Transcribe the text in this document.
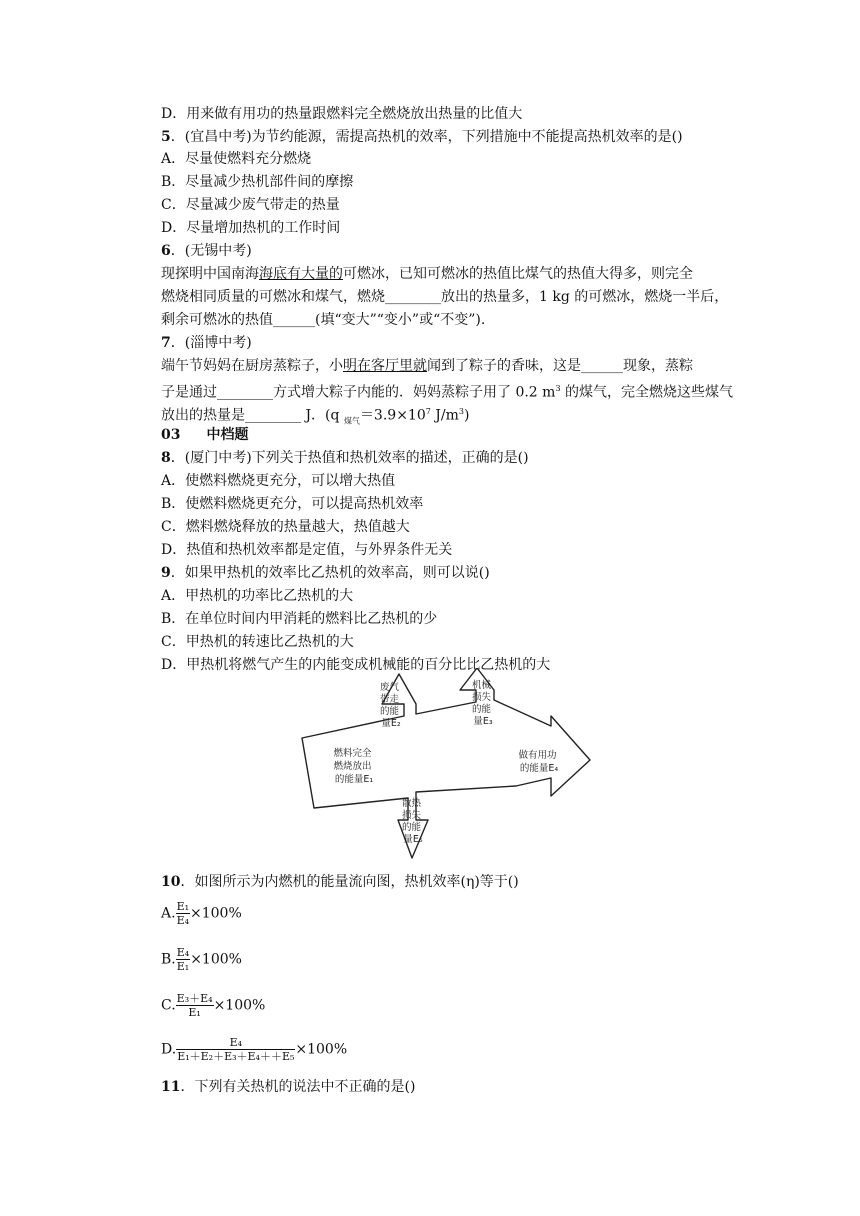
D．用来做有用功的热量跟燃料完全燃烧放出热量的比值大
5．(宜昌中考)为节约能源，需提高热机的效率，下列措施中不能提高热机效率的是()
A．尽量使燃料充分燃烧
B．尽量减少热机部件间的摩擦
C．尽量减少废气带走的热量
D．尽量增加热机的工作时间
6．(无锡中考)
现探明中国南海海底有大量的可燃冰，已知可燃冰的热值比煤气的热值大得多，则完全
燃烧相同质量的可燃冰和煤气，燃烧________放出的热量多，1 kg 的可燃冰，燃烧一半后，
剩余可燃冰的热值______(填“变大”“变小”或“不变”).
7．(淄博中考)
端午节妈妈在厨房蒸粽子，小明在客厅里就闻到了粽子的香味，这是______现象，蒸粽
子是通过________方式增大粽子内能的．妈妈蒸粽子用了 0.2 $m^3$ 的煤气，完全燃烧这些煤气
放出的热量是________ J．(q $_{煤气}=3.9\times 10^7$ $J/m^3$)
03 中档题
8．(厦门中考)下列关于热值和热机效率的描述，正确的是()
A．使燃料燃烧更充分，可以增大热值
B．使燃料燃烧更充分，可以提高热机效率
C．燃料燃烧释放的热量越大，热值越大
D．热值和热机效率都是定值，与外界条件无关
9．如果甲热机的效率比乙热机的效率高，则可以说()
A．甲热机的功率比乙热机的大
B．在单位时间内甲消耗的燃料比乙热机的少
C．甲热机的转速比乙热机的大
D．甲热机将燃气产生的内能变成机械能的百分比比乙热机的大
燃料完全 燃烧放出 的能量E₁
废气 带走 的能 量E₂
机械 损失 的能 量E₃
做有用功 的能量E₄
散热 损失 的能 量E₅
10．如图所示为内燃机的能量流向图，热机效率(η)等于()
A. $\frac{\text{E₁}}{\text{E₄}} \times 100\%$
B. $\frac{\text{E₄}}{\text{E₁}} \times 100\%$
C. $\frac{\text{E₃＋E₄}}{\text{E₁}} \times 100\%$
D. $\frac{\text{E₄}}{\text{E₁＋E₂＋E₃＋E₄＋＋E₅}} \times 100\%$
11．下列有关热机的说法中不正确的是()
